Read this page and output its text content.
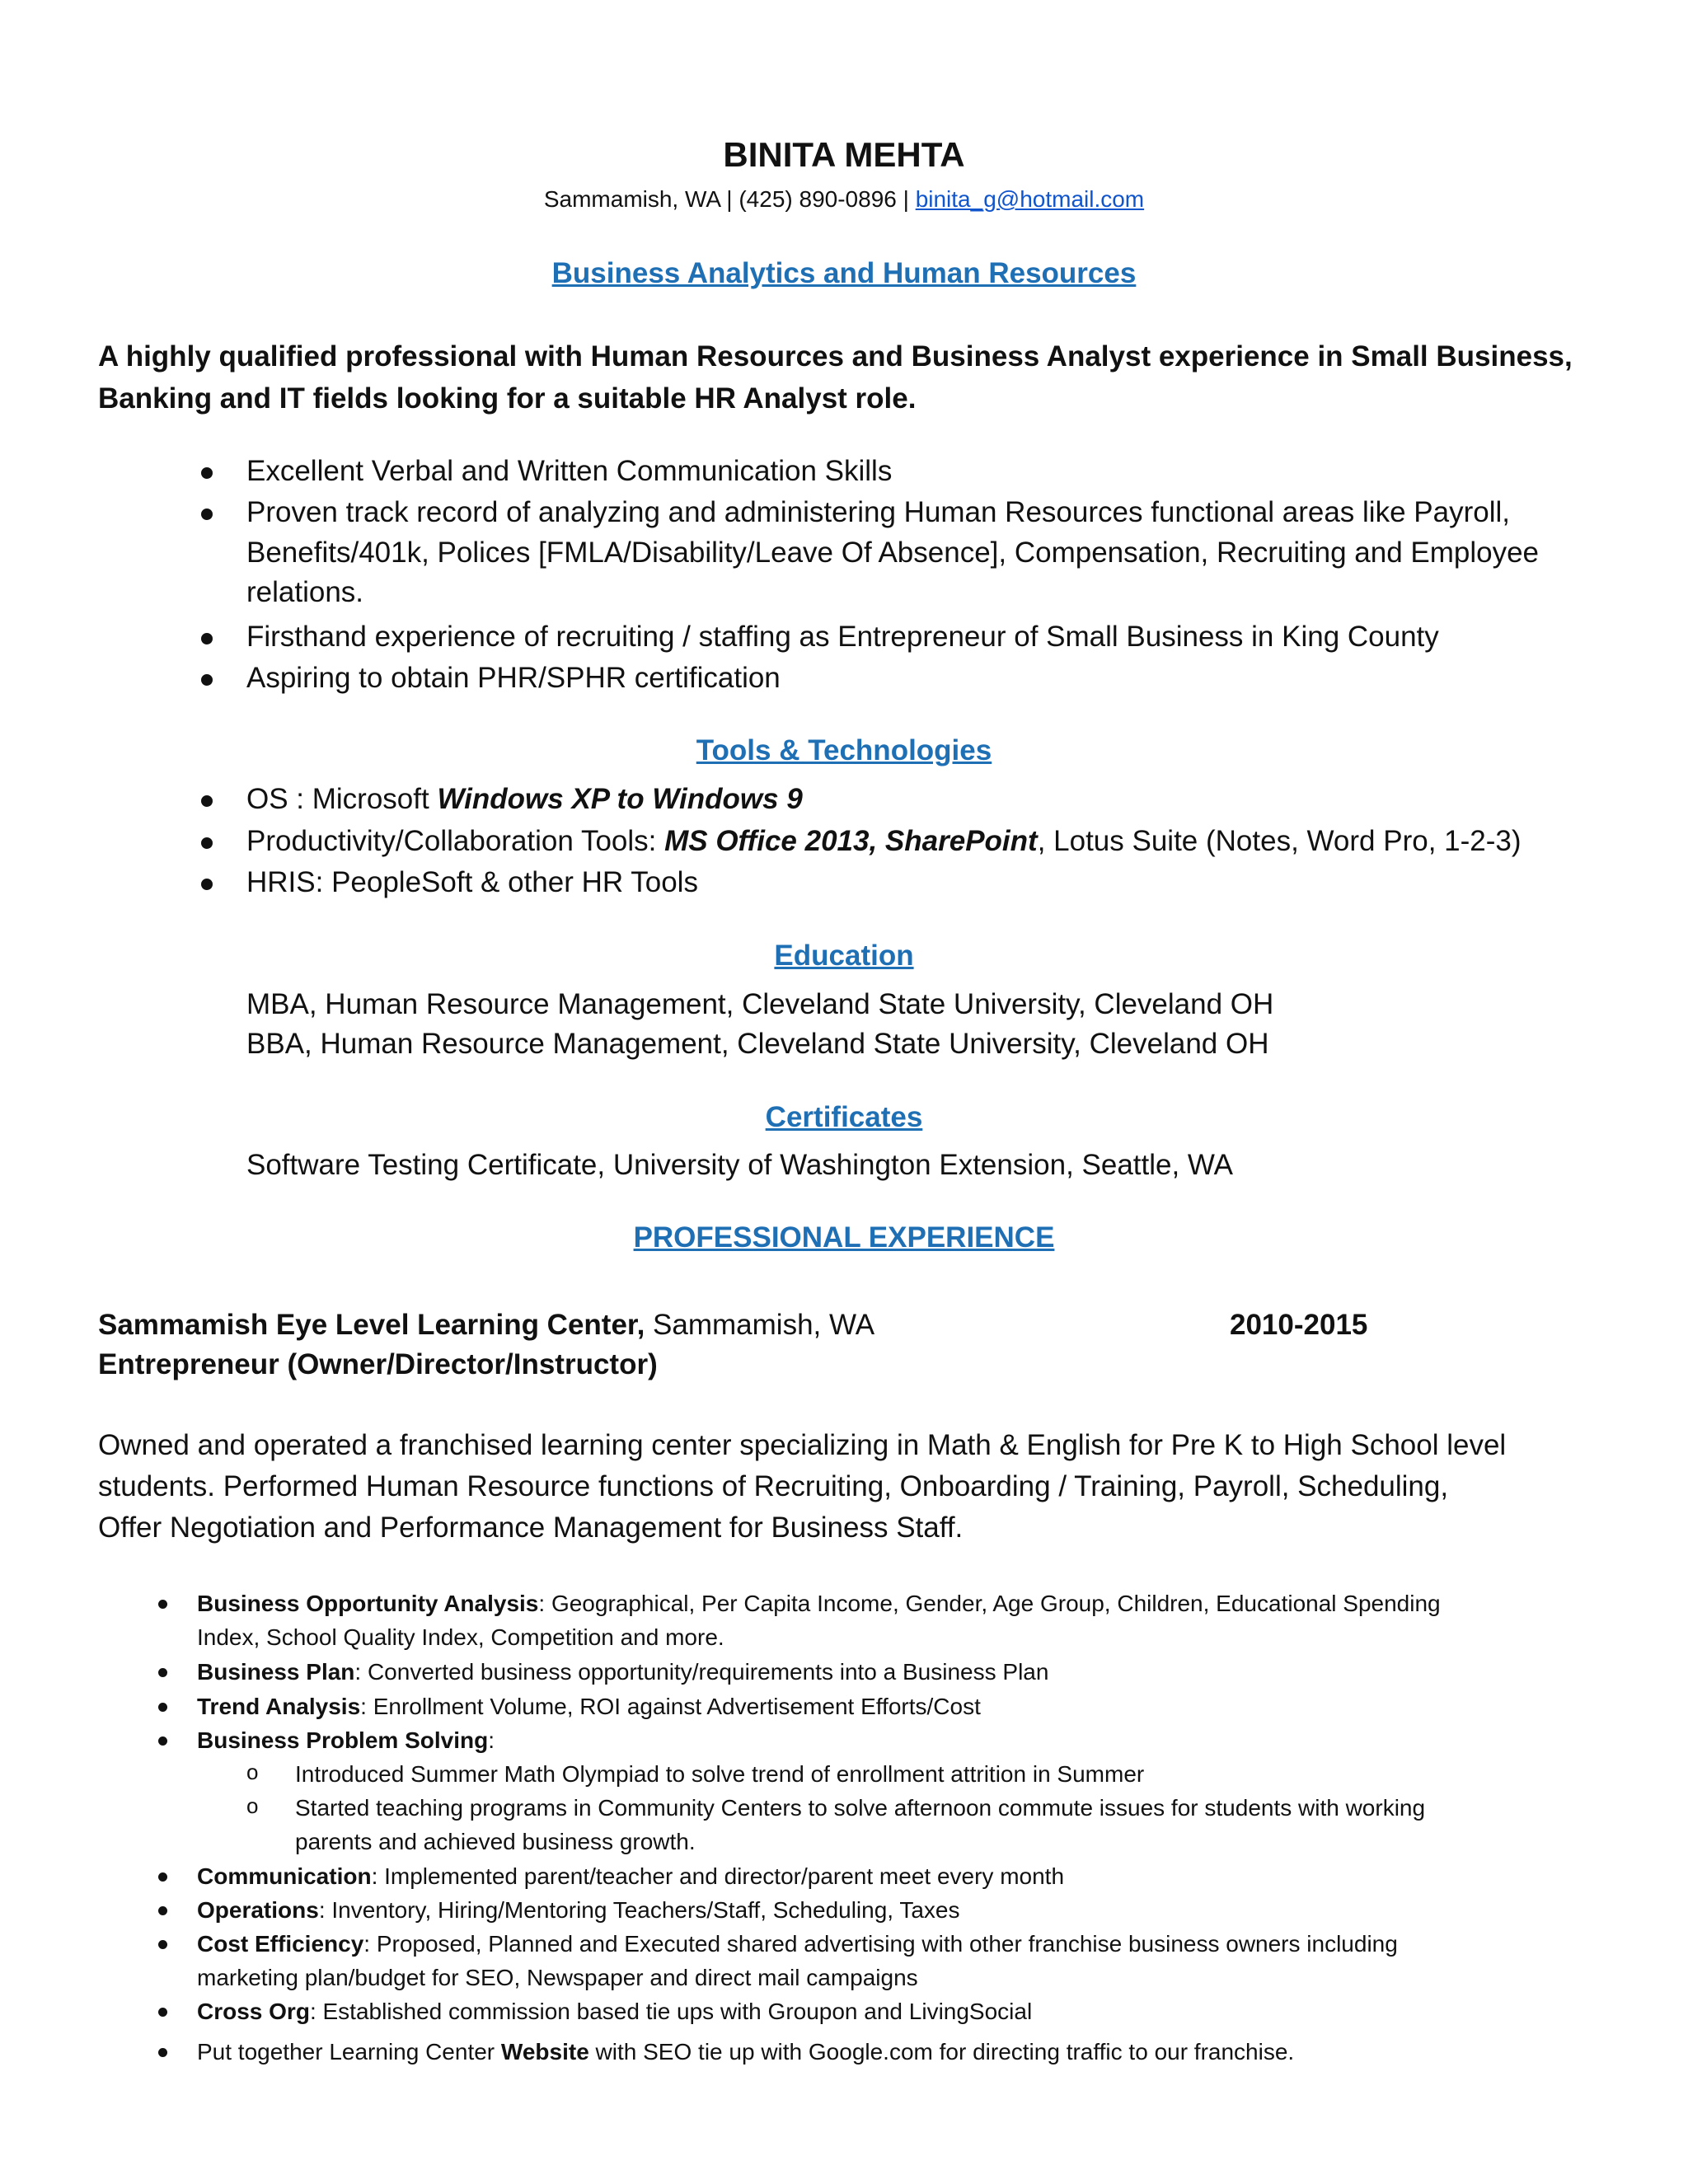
BINITA MEHTA
Sammamish, WA | (425) 890-0896 | binita_g@hotmail.com
Business Analytics and Human Resources
A highly qualified professional with Human Resources and Business Analyst experience in Small Business, Banking and IT fields looking for a suitable HR Analyst role.
Excellent Verbal and Written Communication Skills
Proven track record of analyzing and administering Human Resources functional areas like Payroll,
Benefits/401k, Polices [FMLA/Disability/Leave Of Absence], Compensation, Recruiting and Employee
relations.
Firsthand experience of recruiting / staffing as Entrepreneur of Small Business in King County
Aspiring to obtain PHR/SPHR certification
Tools & Technologies
OS : Microsoft Windows XP to Windows 9
Productivity/Collaboration Tools: MS Office 2013, SharePoint, Lotus Suite (Notes, Word Pro, 1-2-3)
HRIS: PeopleSoft & other HR Tools
Education
MBA, Human Resource Management, Cleveland State University, Cleveland OH
BBA, Human Resource Management, Cleveland State University, Cleveland OH
Certificates
Software Testing Certificate, University of Washington Extension, Seattle, WA
PROFESSIONAL EXPERIENCE
Sammamish Eye Level Learning Center, Sammamish, WA	2010-2015
Entrepreneur (Owner/Director/Instructor)
Owned and operated a franchised learning center specializing in Math & English for Pre K to High School level
students. Performed Human Resource functions of Recruiting, Onboarding / Training, Payroll, Scheduling,
Offer Negotiation and Performance Management for Business Staff.
Business Opportunity Analysis: Geographical, Per Capita Income, Gender, Age Group, Children, Educational Spending
Index, School Quality Index, Competition and more.
Business Plan: Converted business opportunity/requirements into a Business Plan
Trend Analysis: Enrollment Volume, ROI against Advertisement Efforts/Cost
Business Problem Solving:
o Introduced Summer Math Olympiad to solve trend of enrollment attrition in Summer
o Started teaching programs in Community Centers to solve afternoon commute issues for students with working
parents and achieved business growth.
Communication: Implemented parent/teacher and director/parent meet every month
Operations: Inventory, Hiring/Mentoring Teachers/Staff, Scheduling, Taxes
Cost Efficiency: Proposed, Planned and Executed shared advertising with other franchise business owners including
marketing plan/budget for SEO, Newspaper and direct mail campaigns
Cross Org: Established commission based tie ups with Groupon and LivingSocial
Put together Learning Center Website with SEO tie up with Google.com for directing traffic to our franchise.
